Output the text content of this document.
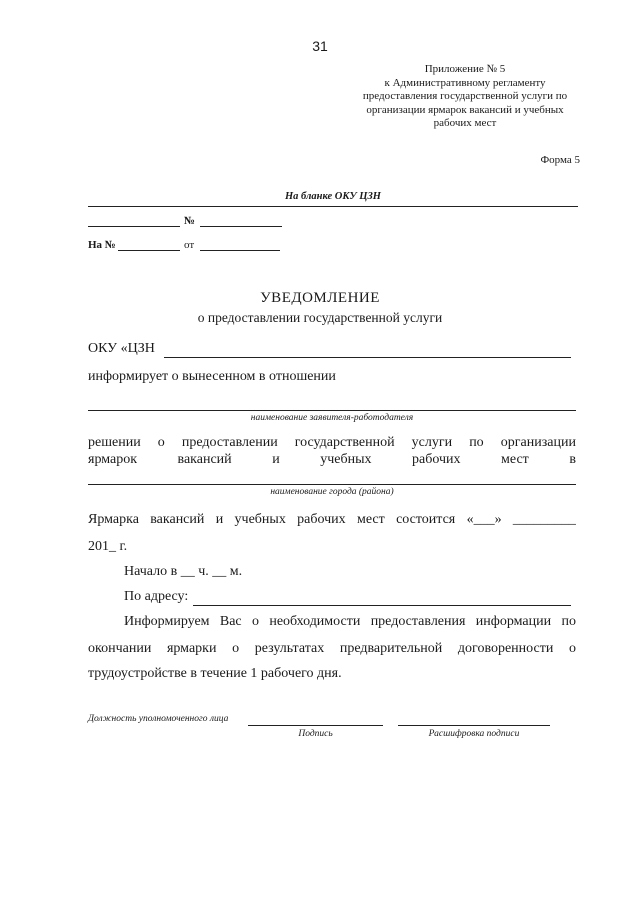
31
Приложение № 5
к Административному регламенту
предоставления государственной услуги по
организации ярмарок вакансий и учебных
рабочих мест
Форма 5
На бланке ОКУ ЦЗН
№
На №	от
УВЕДОМЛЕНИЕ
о предоставлении государственной услуги
ОКУ «ЦЗН
информирует о вынесенном в отношении
наименование заявителя-работодателя
решении о предоставлении государственной услуги по организации
ярмарок	вакансий	и	учебных	рабочих	мест	в
наименование города (района)
Ярмарка вакансий и учебных рабочих мест состоится «___» _________
201_ г.
Начало в __ ч. __ м.
По адресу:
Информируем Вас о необходимости предоставления информации по
окончании ярмарки о результатах предварительной договоренности о
трудоустройстве в течение 1 рабочего дня.
Должность уполномоченного лица
Подпись	Расшифровка подписи
